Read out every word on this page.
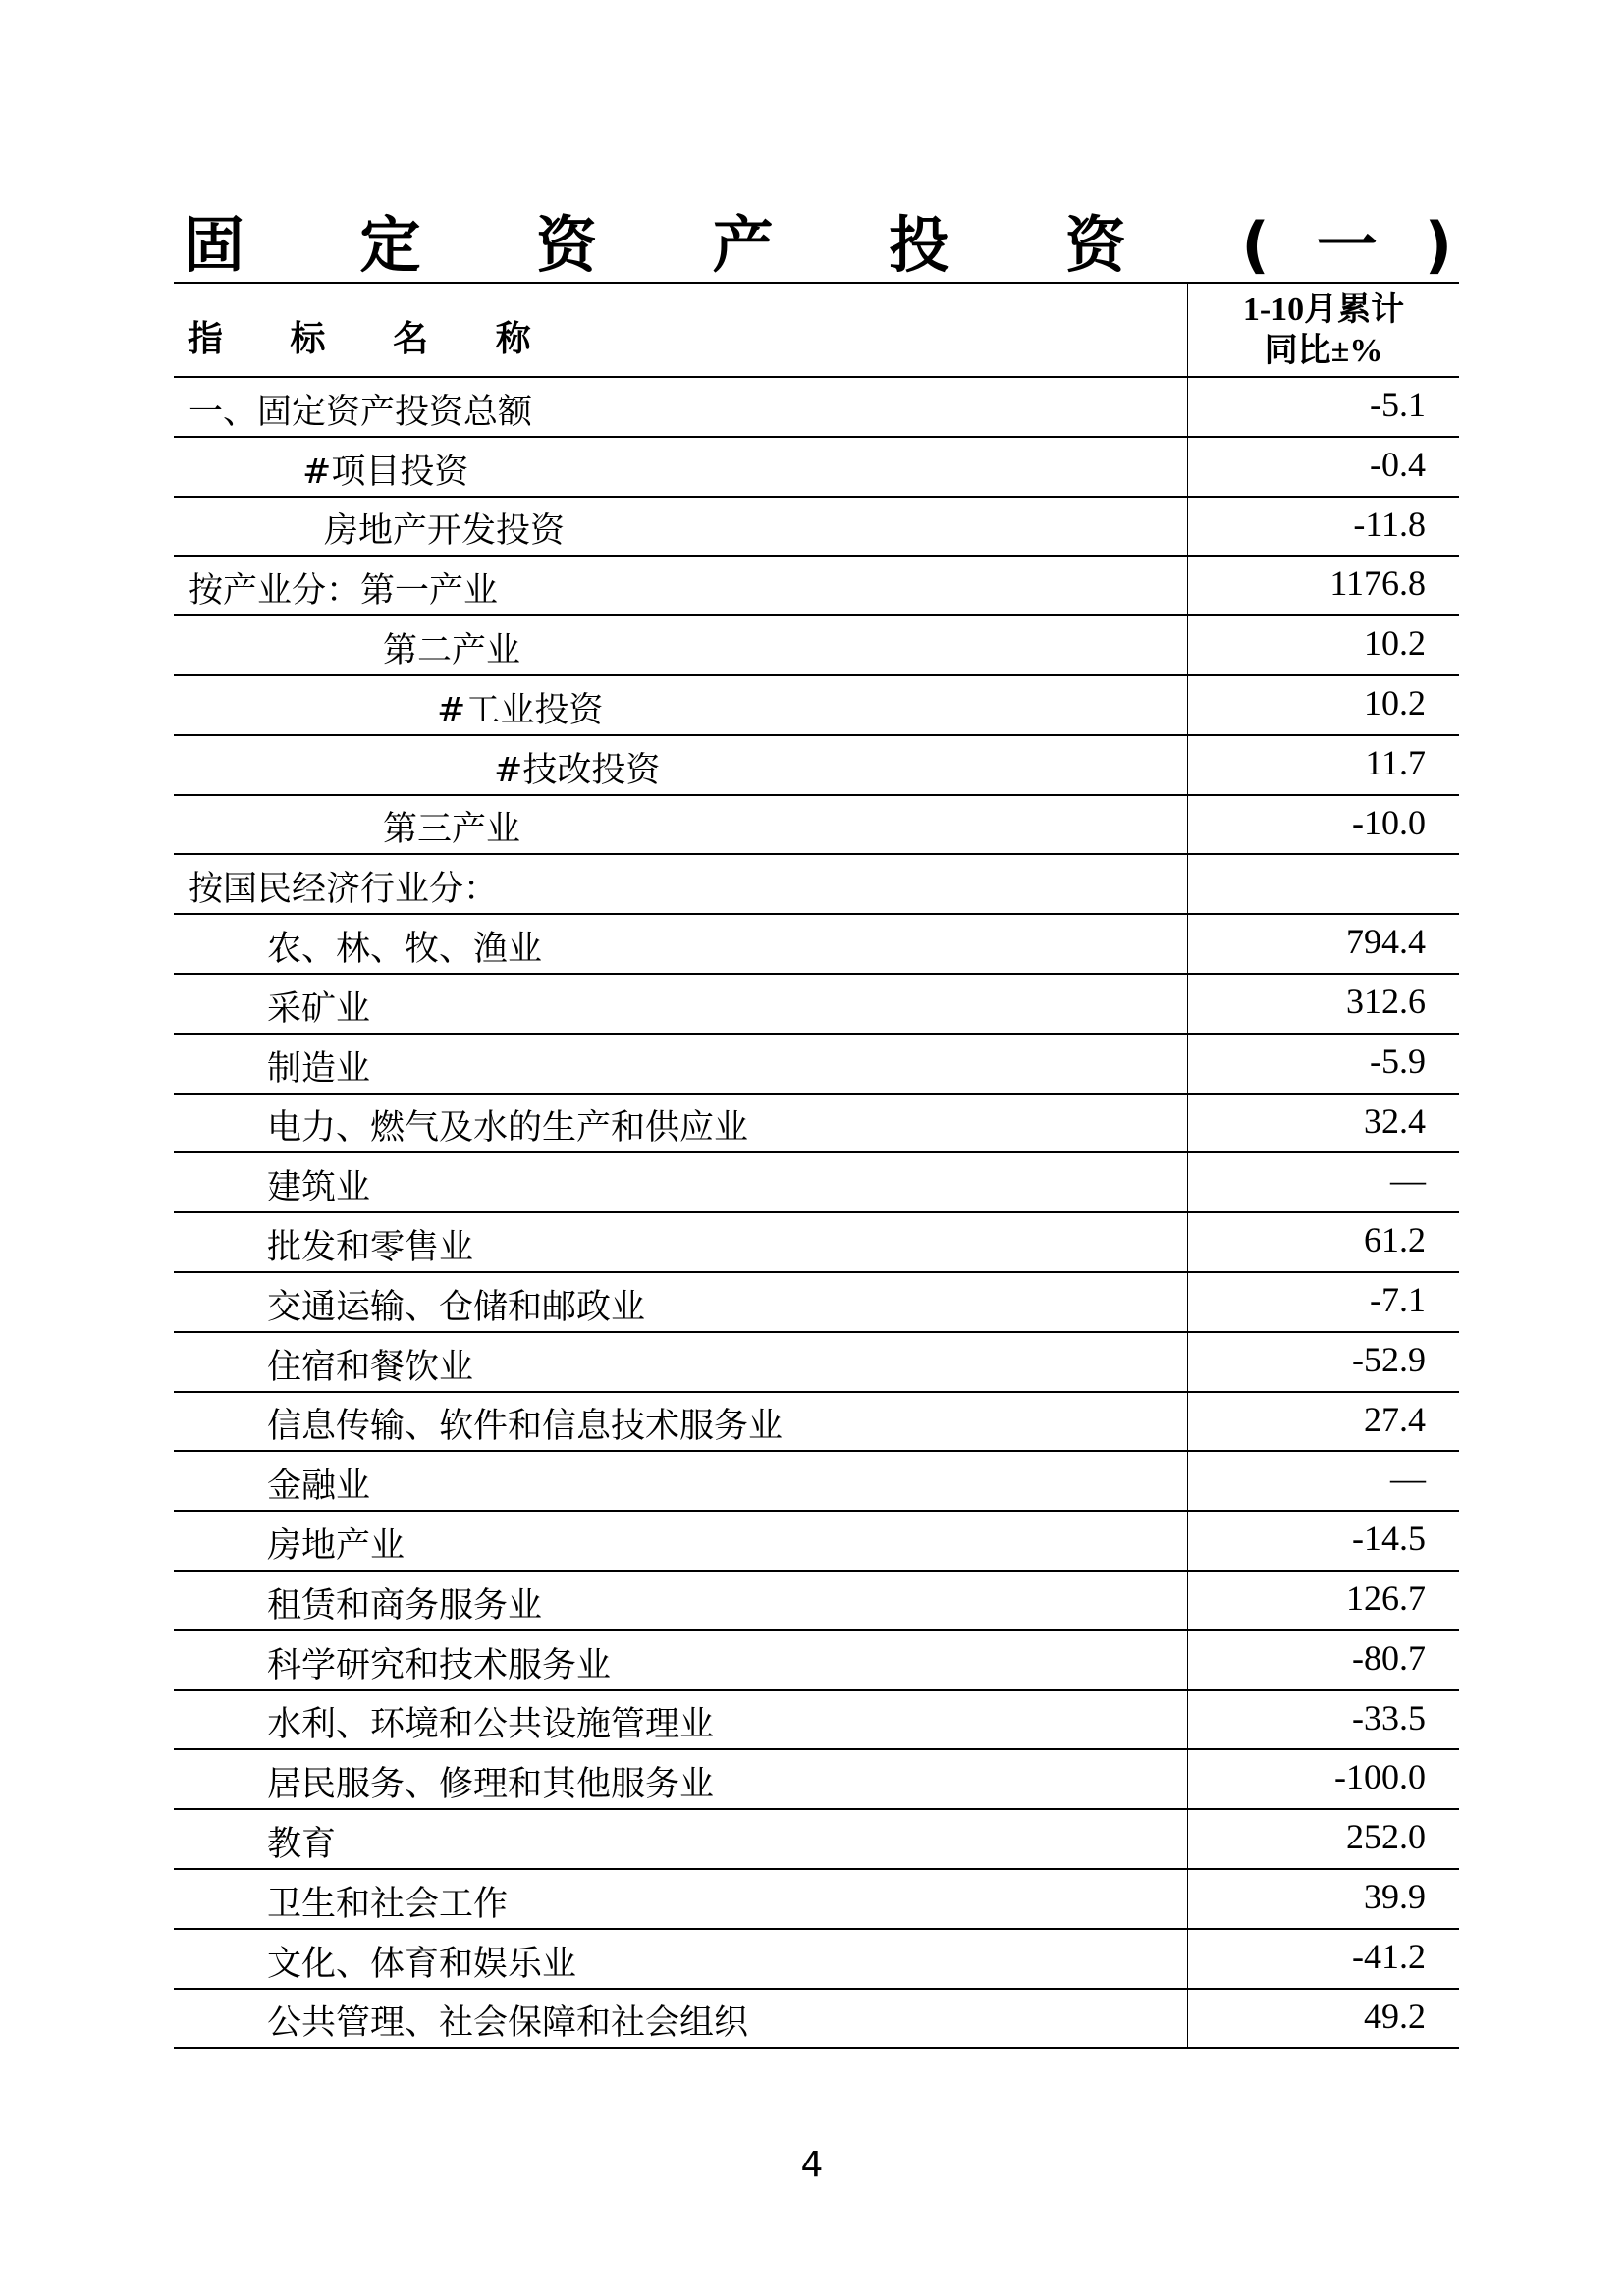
固 定 资 产 投 资 (一)
指 标 名 称
1-10月累计
同比±%
一、固定资产投资总额	-5.1
#项目投资	-0.4
房地产开发投资	-11.8
按产业分：第一产业	1176.8
第二产业	10.2
#工业投资	10.2
#技改投资	11.7
第三产业	-10.0
按国民经济行业分：
农、林、牧、渔业	794.4
采矿业	312.6
制造业	-5.9
电力、燃气及水的生产和供应业	32.4
建筑业	—
批发和零售业	61.2
交通运输、仓储和邮政业	-7.1
住宿和餐饮业	-52.9
信息传输、软件和信息技术服务业	27.4
金融业	—
房地产业	-14.5
租赁和商务服务业	126.7
科学研究和技术服务业	-80.7
水利、环境和公共设施管理业	-33.5
居民服务、修理和其他服务业	-100.0
教育	252.0
卫生和社会工作	39.9
文化、体育和娱乐业	-41.2
公共管理、社会保障和社会组织	49.2
4
